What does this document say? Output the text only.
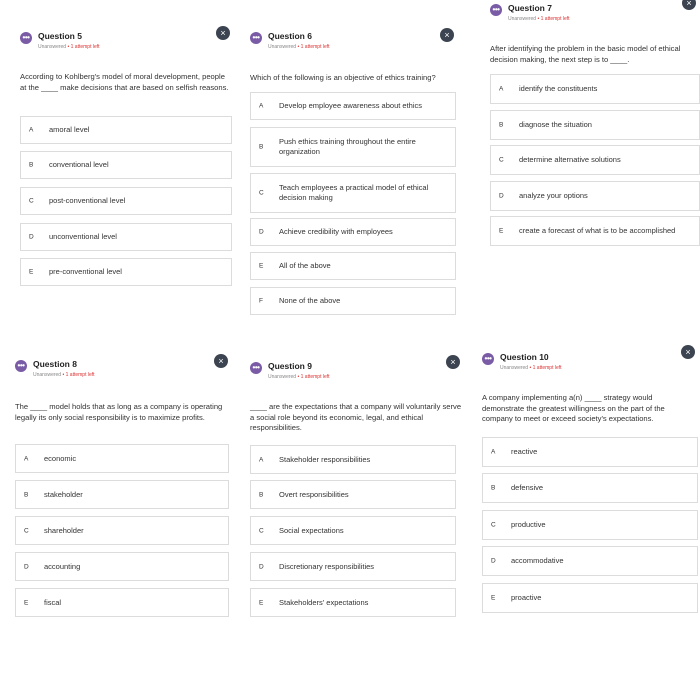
••• Question 5
Unanswered • 1 attempt left
×
According to Kohlberg's model of moral development, people at the ____ make decisions that are based on selfish reasons.
A amoral level
B conventional level
C post-conventional level
D unconventional level
E pre-conventional level
••• Question 6
Unanswered • 1 attempt left
×
Which of the following is an objective of ethics training?
A Develop employee awareness about ethics
B
Push ethics training throughout the entire organization
C
Teach employees a practical model of ethical decision making
D Achieve credibility with employees
E All of the above
F None of the above
••• Question 7
Unanswered • 1 attempt left
×
After identifying the problem in the basic model of ethical decision making, the next step is to ____.
A identify the constituents
B diagnose the situation
C determine alternative solutions
D analyze your options
E create a forecast of what is to be accomplished
••• Question 8
Unanswered • 1 attempt left
×
The ____ model holds that as long as a company is operating legally its only social responsibility is to maximize profits.
A economic
B stakeholder
C shareholder
D accounting
E fiscal
••• Question 9
Unanswered • 1 attempt left
×
____ are the expectations that a company will voluntarily serve a social role beyond its economic, legal, and ethical responsibilities.
A Stakeholder responsibilities
B Overt responsibilities
C Social expectations
D Discretionary responsibilities
E Stakeholders' expectations
••• Question 10
Unanswered • 1 attempt left
×
A company implementing a(n) ____ strategy would demonstrate the greatest willingness on the part of the company to meet or exceed society's expectations.
A reactive
B defensive
C productive
D accommodative
E proactive
